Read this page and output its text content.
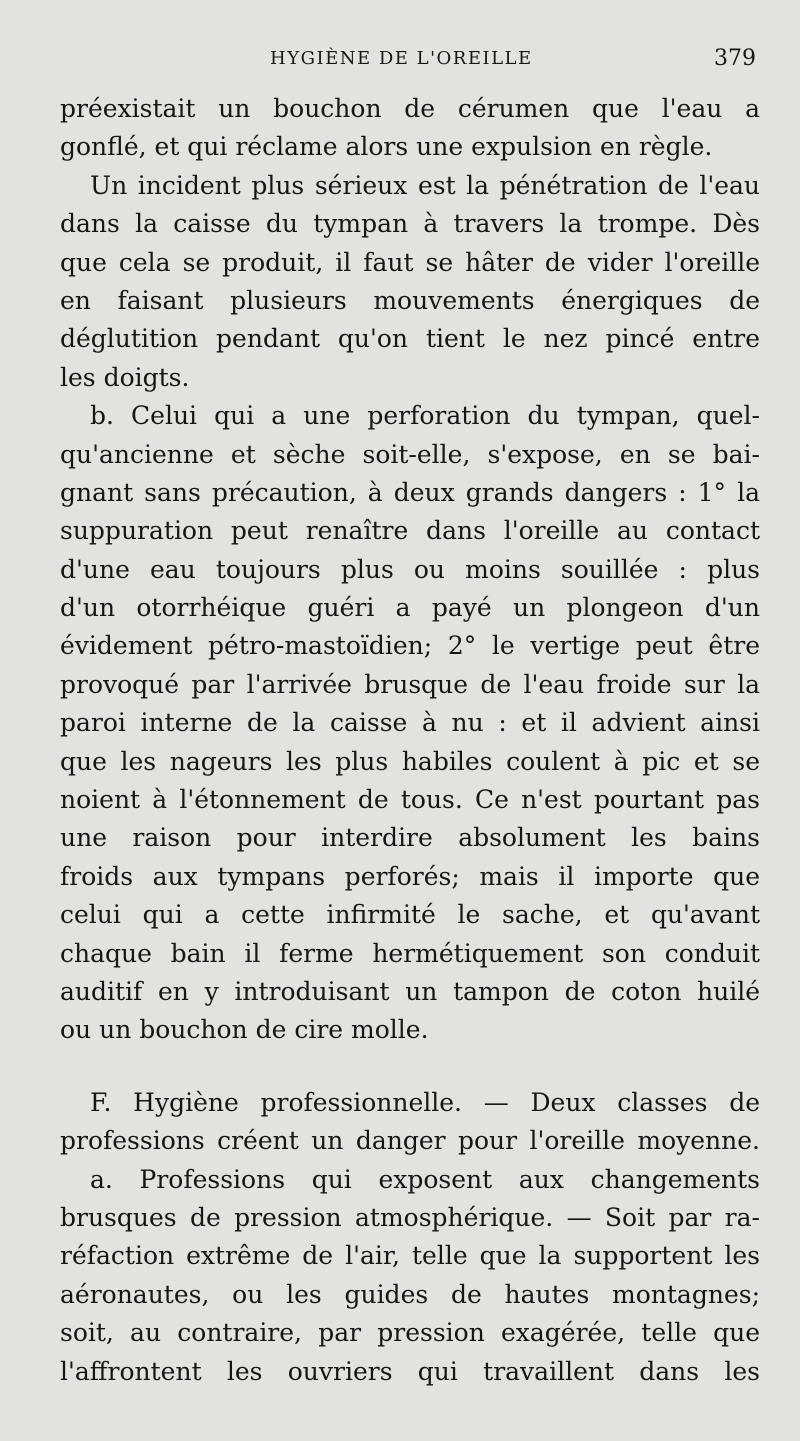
HYGIÈNE DE L'OREILLE	379
préexistait un bouchon de cérumen que l'eau a
gonflé, et qui réclame alors une expulsion en règle.
Un incident plus sérieux est la pénétration de l'eau
dans la caisse du tympan à travers la trompe. Dès
que cela se produit, il faut se hâter de vider l'oreille
en faisant plusieurs mouvements énergiques de
déglutition pendant qu'on tient le nez pincé entre
les doigts.
b. Celui qui a une perforation du tympan, quel-
qu'ancienne et sèche soit-elle, s'expose, en se bai-
gnant sans précaution, à deux grands dangers : 1° la
suppuration peut renaître dans l'oreille au contact
d'une eau toujours plus ou moins souillée : plus
d'un otorrhéique guéri a payé un plongeon d'un
évidement pétro-mastoïdien; 2° le vertige peut être
provoqué par l'arrivée brusque de l'eau froide sur la
paroi interne de la caisse à nu : et il advient ainsi
que les nageurs les plus habiles coulent à pic et se
noient à l'étonnement de tous. Ce n'est pourtant pas
une raison pour interdire absolument les bains
froids aux tympans perforés; mais il importe que
celui qui a cette infirmité le sache, et qu'avant
chaque bain il ferme hermétiquement son conduit
auditif en y introduisant un tampon de coton huilé
ou un bouchon de cire molle.
F. Hygiène professionnelle. — Deux classes de
professions créent un danger pour l'oreille moyenne.
a. Professions qui exposent aux changements
brusques de pression atmosphérique. — Soit par ra-
réfaction extrême de l'air, telle que la supportent les
aéronautes, ou les guides de hautes montagnes;
soit, au contraire, par pression exagérée, telle que
l'affrontent les ouvriers qui travaillent dans les
